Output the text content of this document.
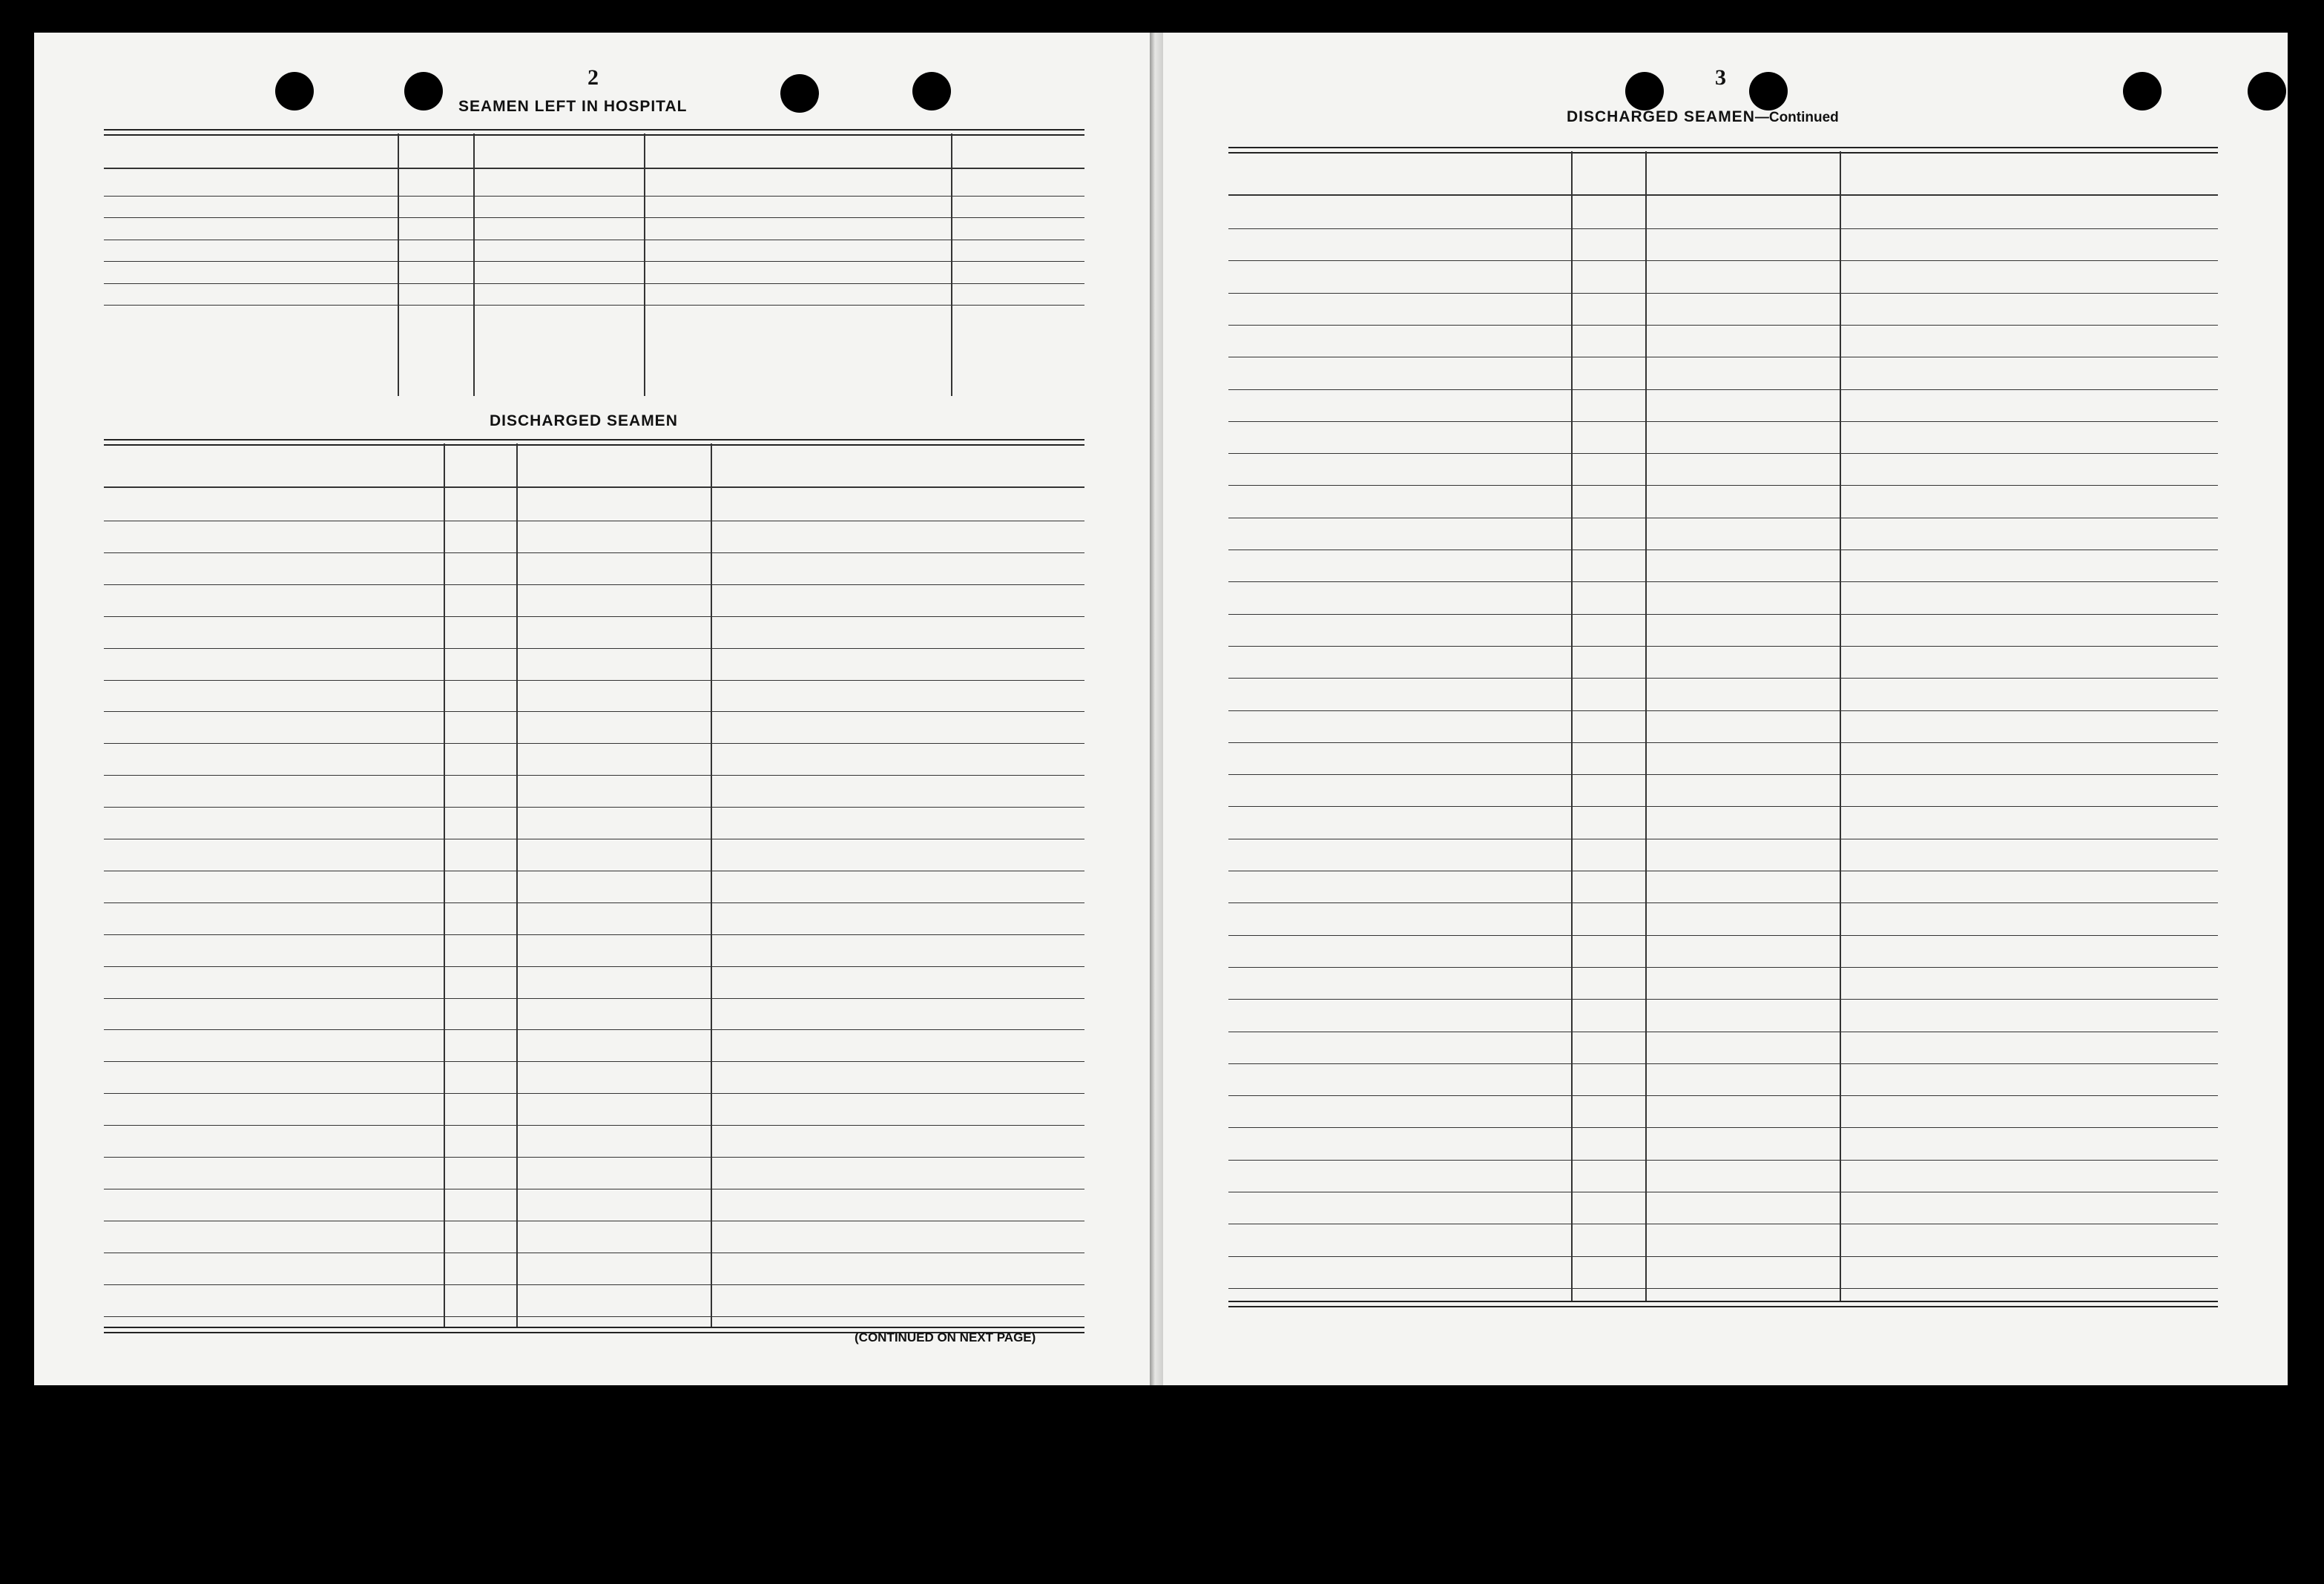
2
SEAMEN LEFT IN HOSPITAL
DISCHARGED SEAMEN
(CONTINUED ON NEXT PAGE)
3
DISCHARGED SEAMEN—Continued
